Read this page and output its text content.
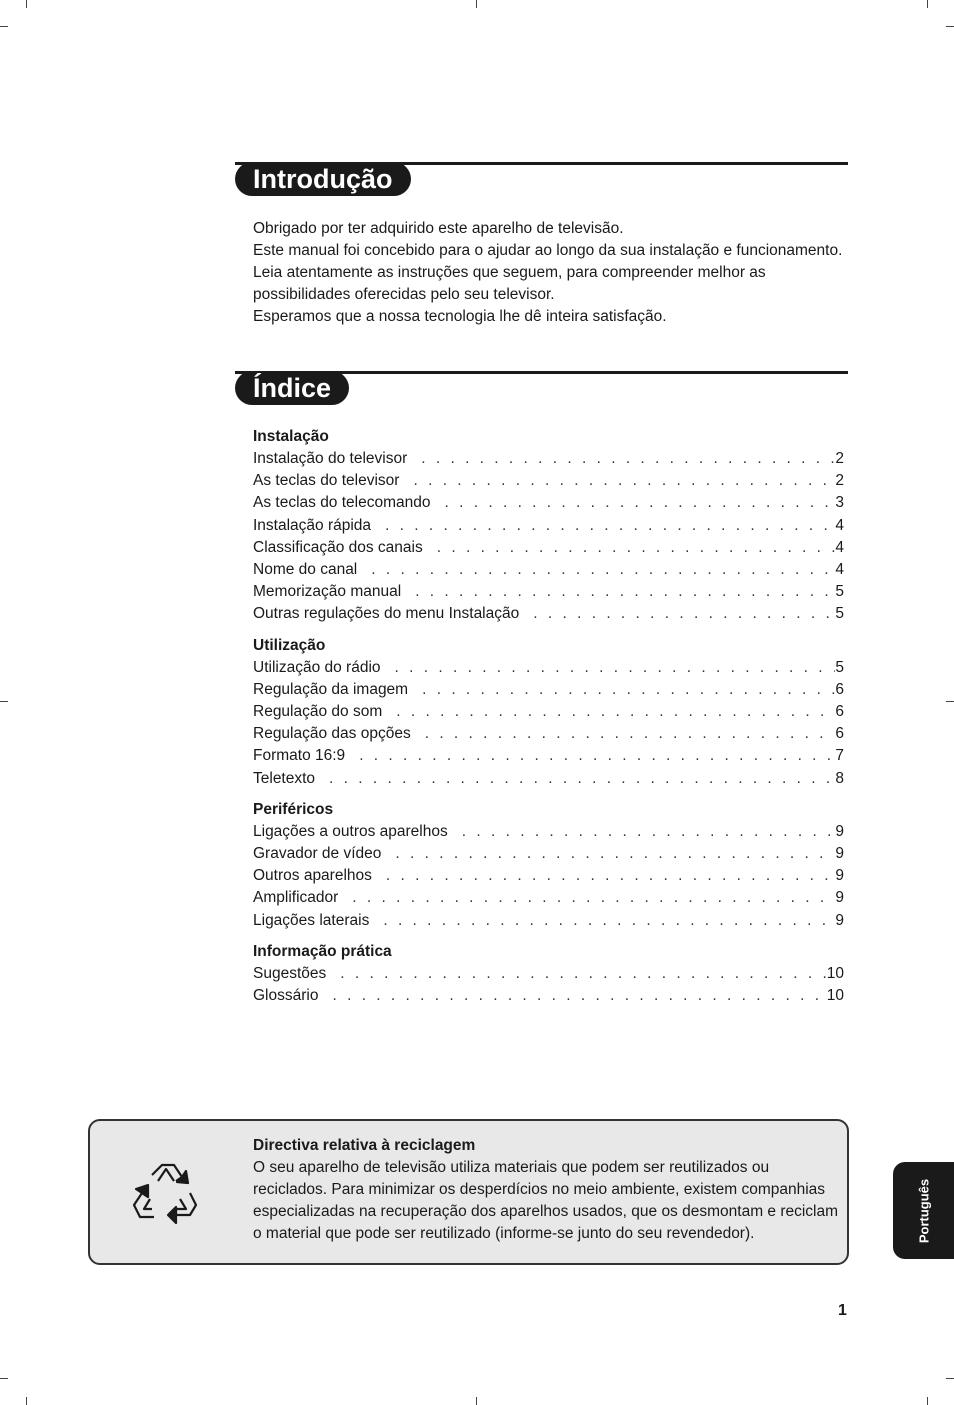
Introdução

Obrigado por ter adquirido este aparelho de televisão.

Este manual foi concebido para o ajudar ao longo da sua instalação e funcionamento. Leia atentamente as instruções que seguem, para compreender melhor as possibilidades oferecidas pelo seu televisor.

Esperamos que a nossa tecnologia lhe dê inteira satisfação.

Índice
Instalação
Instalação do televisor . . .	2
As teclas do televisor . . .	2
As teclas do telecomando . . .	3
Instalação rápida . . .	4
Classificação dos canais . . .	4
Nome do canal . . .	4
Memorização manual . . .	5
Outras regulações do menu Instalação . . .	5
Utilização
Utilização do rádio . . .	5
Regulação da imagem . . .	6
Regulação do som . . .	6
Regulação das opções . . .	6
Formato 16:9 . . .	7
Teletexto . . .	8
Periféricos
Ligações a outros aparelhos . . .	9
Gravador de vídeo . . .	9
Outros aparelhos . . .	9
Amplificador . . .	9
Ligações laterais . . .	9
Informação prática
Sugestões . . .	10
Glossário . . .	10
Directiva relativa à reciclagem
O seu aparelho de televisão utiliza materiais que podem ser reutilizados ou reciclados. Para minimizar os desperdícios no meio ambiente, existem companhias especializadas na recuperação dos aparelhos usados, que os desmontam e reciclam o material que pode ser reutilizado (informe-se junto do seu revendedor).	Português
1
